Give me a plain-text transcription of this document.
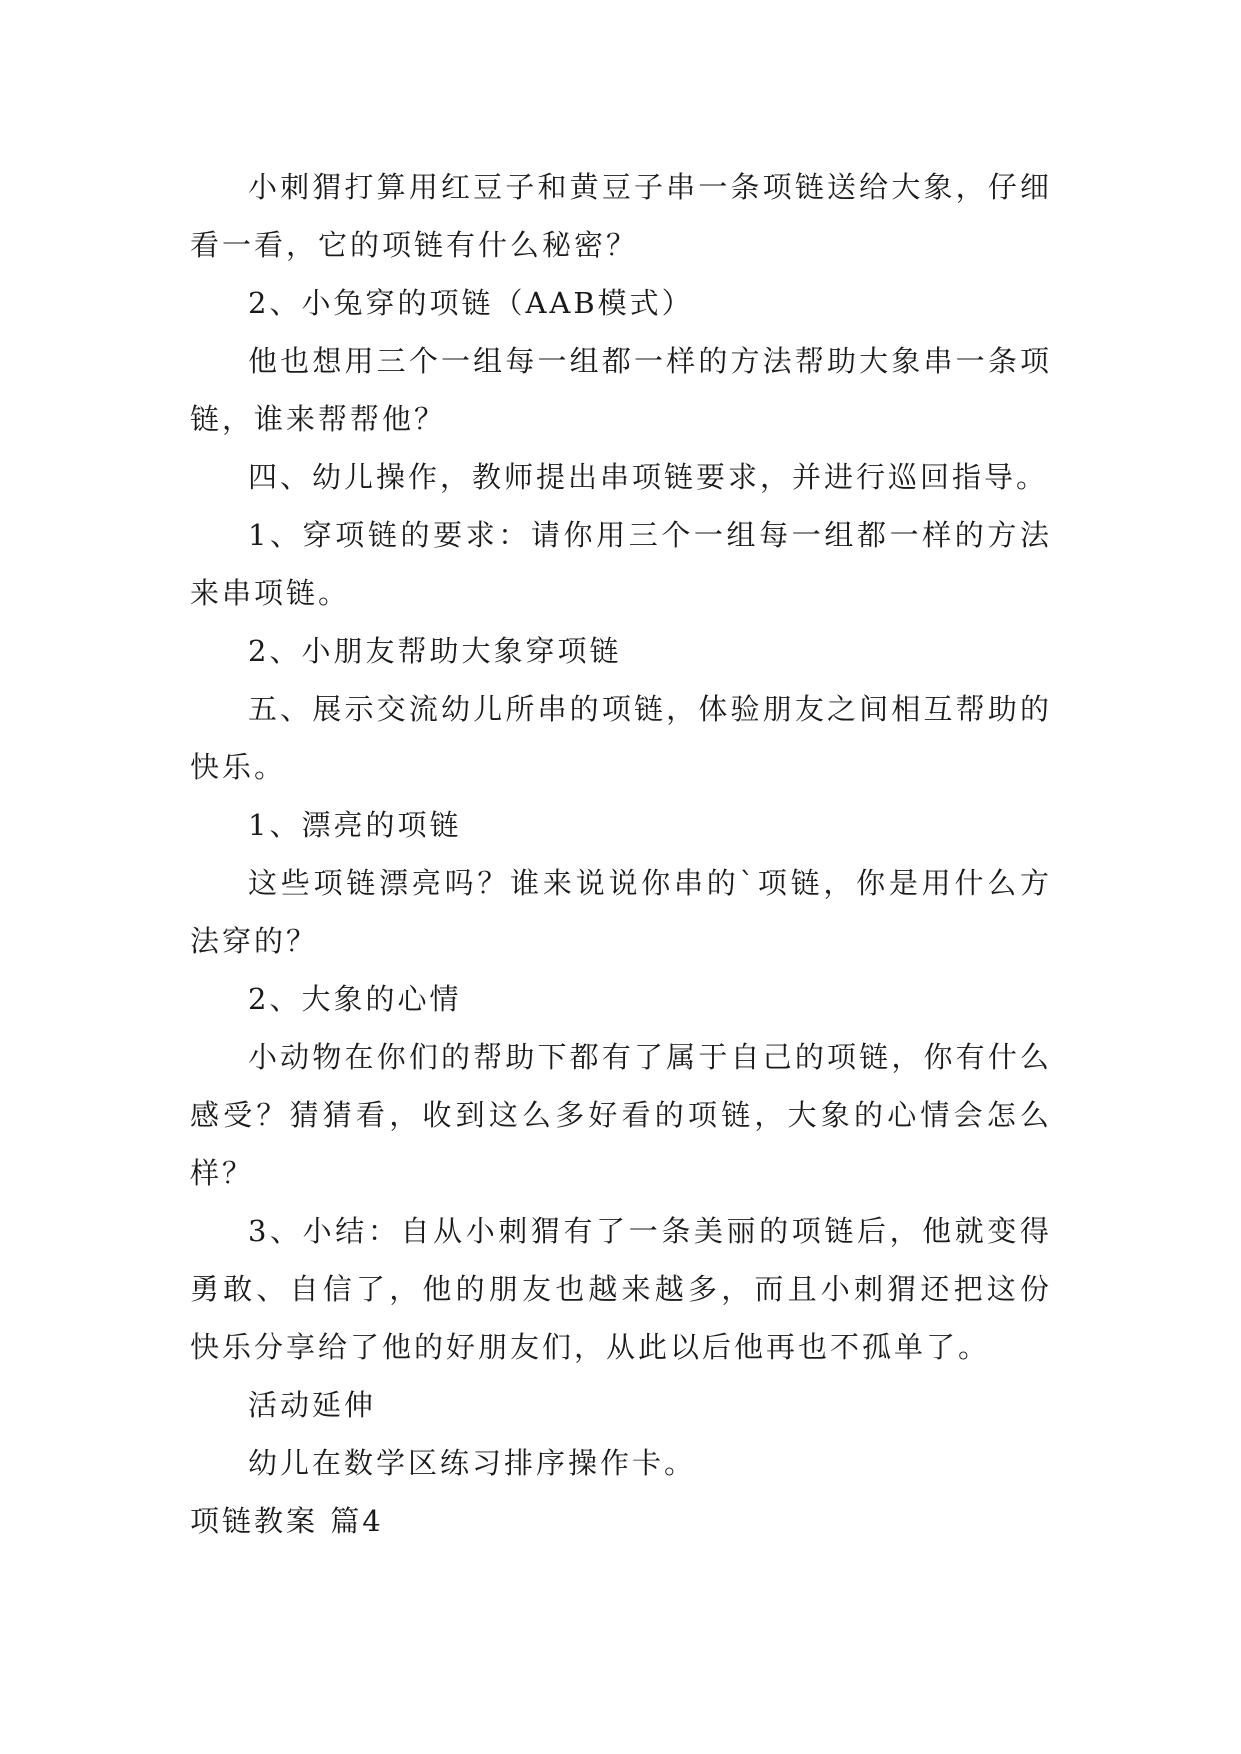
小刺猬打算用红豆子和黄豆子串一条项链送给大象，仔细看一看，它的项链有什么秘密？

2、小兔穿的项链（AAB模式）

他也想用三个一组每一组都一样的方法帮助大象串一条项链，谁来帮帮他？

四、幼儿操作，教师提出串项链要求，并进行巡回指导。

1、穿项链的要求：请你用三个一组每一组都一样的方法来串项链。

2、小朋友帮助大象穿项链

五、展示交流幼儿所串的项链，体验朋友之间相互帮助的快乐。

1、漂亮的项链

这些项链漂亮吗？谁来说说你串的`项链，你是用什么方法穿的？

2、大象的心情

小动物在你们的帮助下都有了属于自己的项链，你有什么感受？猜猜看，收到这么多好看的项链，大象的心情会怎么样？

3、小结：自从小刺猬有了一条美丽的项链后，他就变得勇敢、自信了，他的朋友也越来越多，而且小刺猬还把这份快乐分享给了他的好朋友们，从此以后他再也不孤单了。

活动延伸

幼儿在数学区练习排序操作卡。

项链教案 篇4
